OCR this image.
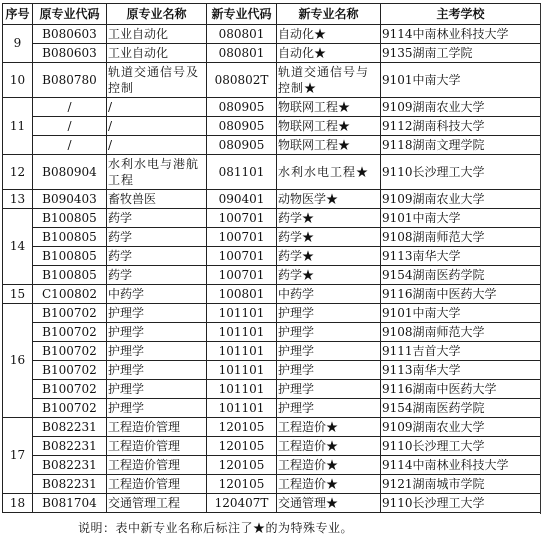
序号	原专业代码	原专业名称	新专业代码	新专业名称	主考学校
9	B080603	工业自动化	080801	自动化★	9114中南林业科技大学
	B080603	工业自动化	080801	自动化★	9135湖南工学院
10	B080780	轨道交通信号及控制	080802T	轨道交通信号与控制★	9101中南大学
11	/	/	080905	物联网工程★	9109湖南农业大学
	/	/	080905	物联网工程★	9112湖南科技大学
	/	/	080905	物联网工程★	9118湖南文理学院
12	B080904	水利水电与港航工程	081101	水利水电工程★	9110长沙理工大学
13	B090403	畜牧兽医	090401	动物医学★	9109湖南农业大学
14	B100805	药学	100701	药学★	9101中南大学
	B100805	药学	100701	药学★	9108湖南师范大学
	B100805	药学	100701	药学★	9113南华大学
	B100805	药学	100701	药学★	9154湖南医药学院
15	C100802	中药学	100801	中药学	9116湖南中医药大学
16	B100702	护理学	101101	护理学	9101中南大学
	B100702	护理学	101101	护理学	9108湖南师范大学
	B100702	护理学	101101	护理学	9111吉首大学
	B100702	护理学	101101	护理学	9113南华大学
	B100702	护理学	101101	护理学	9116湖南中医药大学
	B100702	护理学	101101	护理学	9154湖南医药学院
17	B082231	工程造价管理	120105	工程造价★	9109湖南农业大学
	B082231	工程造价管理	120105	工程造价★	9110长沙理工大学
	B082231	工程造价管理	120105	工程造价★	9114中南林业科技大学
	B082231	工程造价管理	120105	工程造价★	9121湖南城市学院
18	B081704	交通管理工程	120407T	交通管理★	9110长沙理工大学
说明：表中新专业名称后标注了★的为特殊专业。
